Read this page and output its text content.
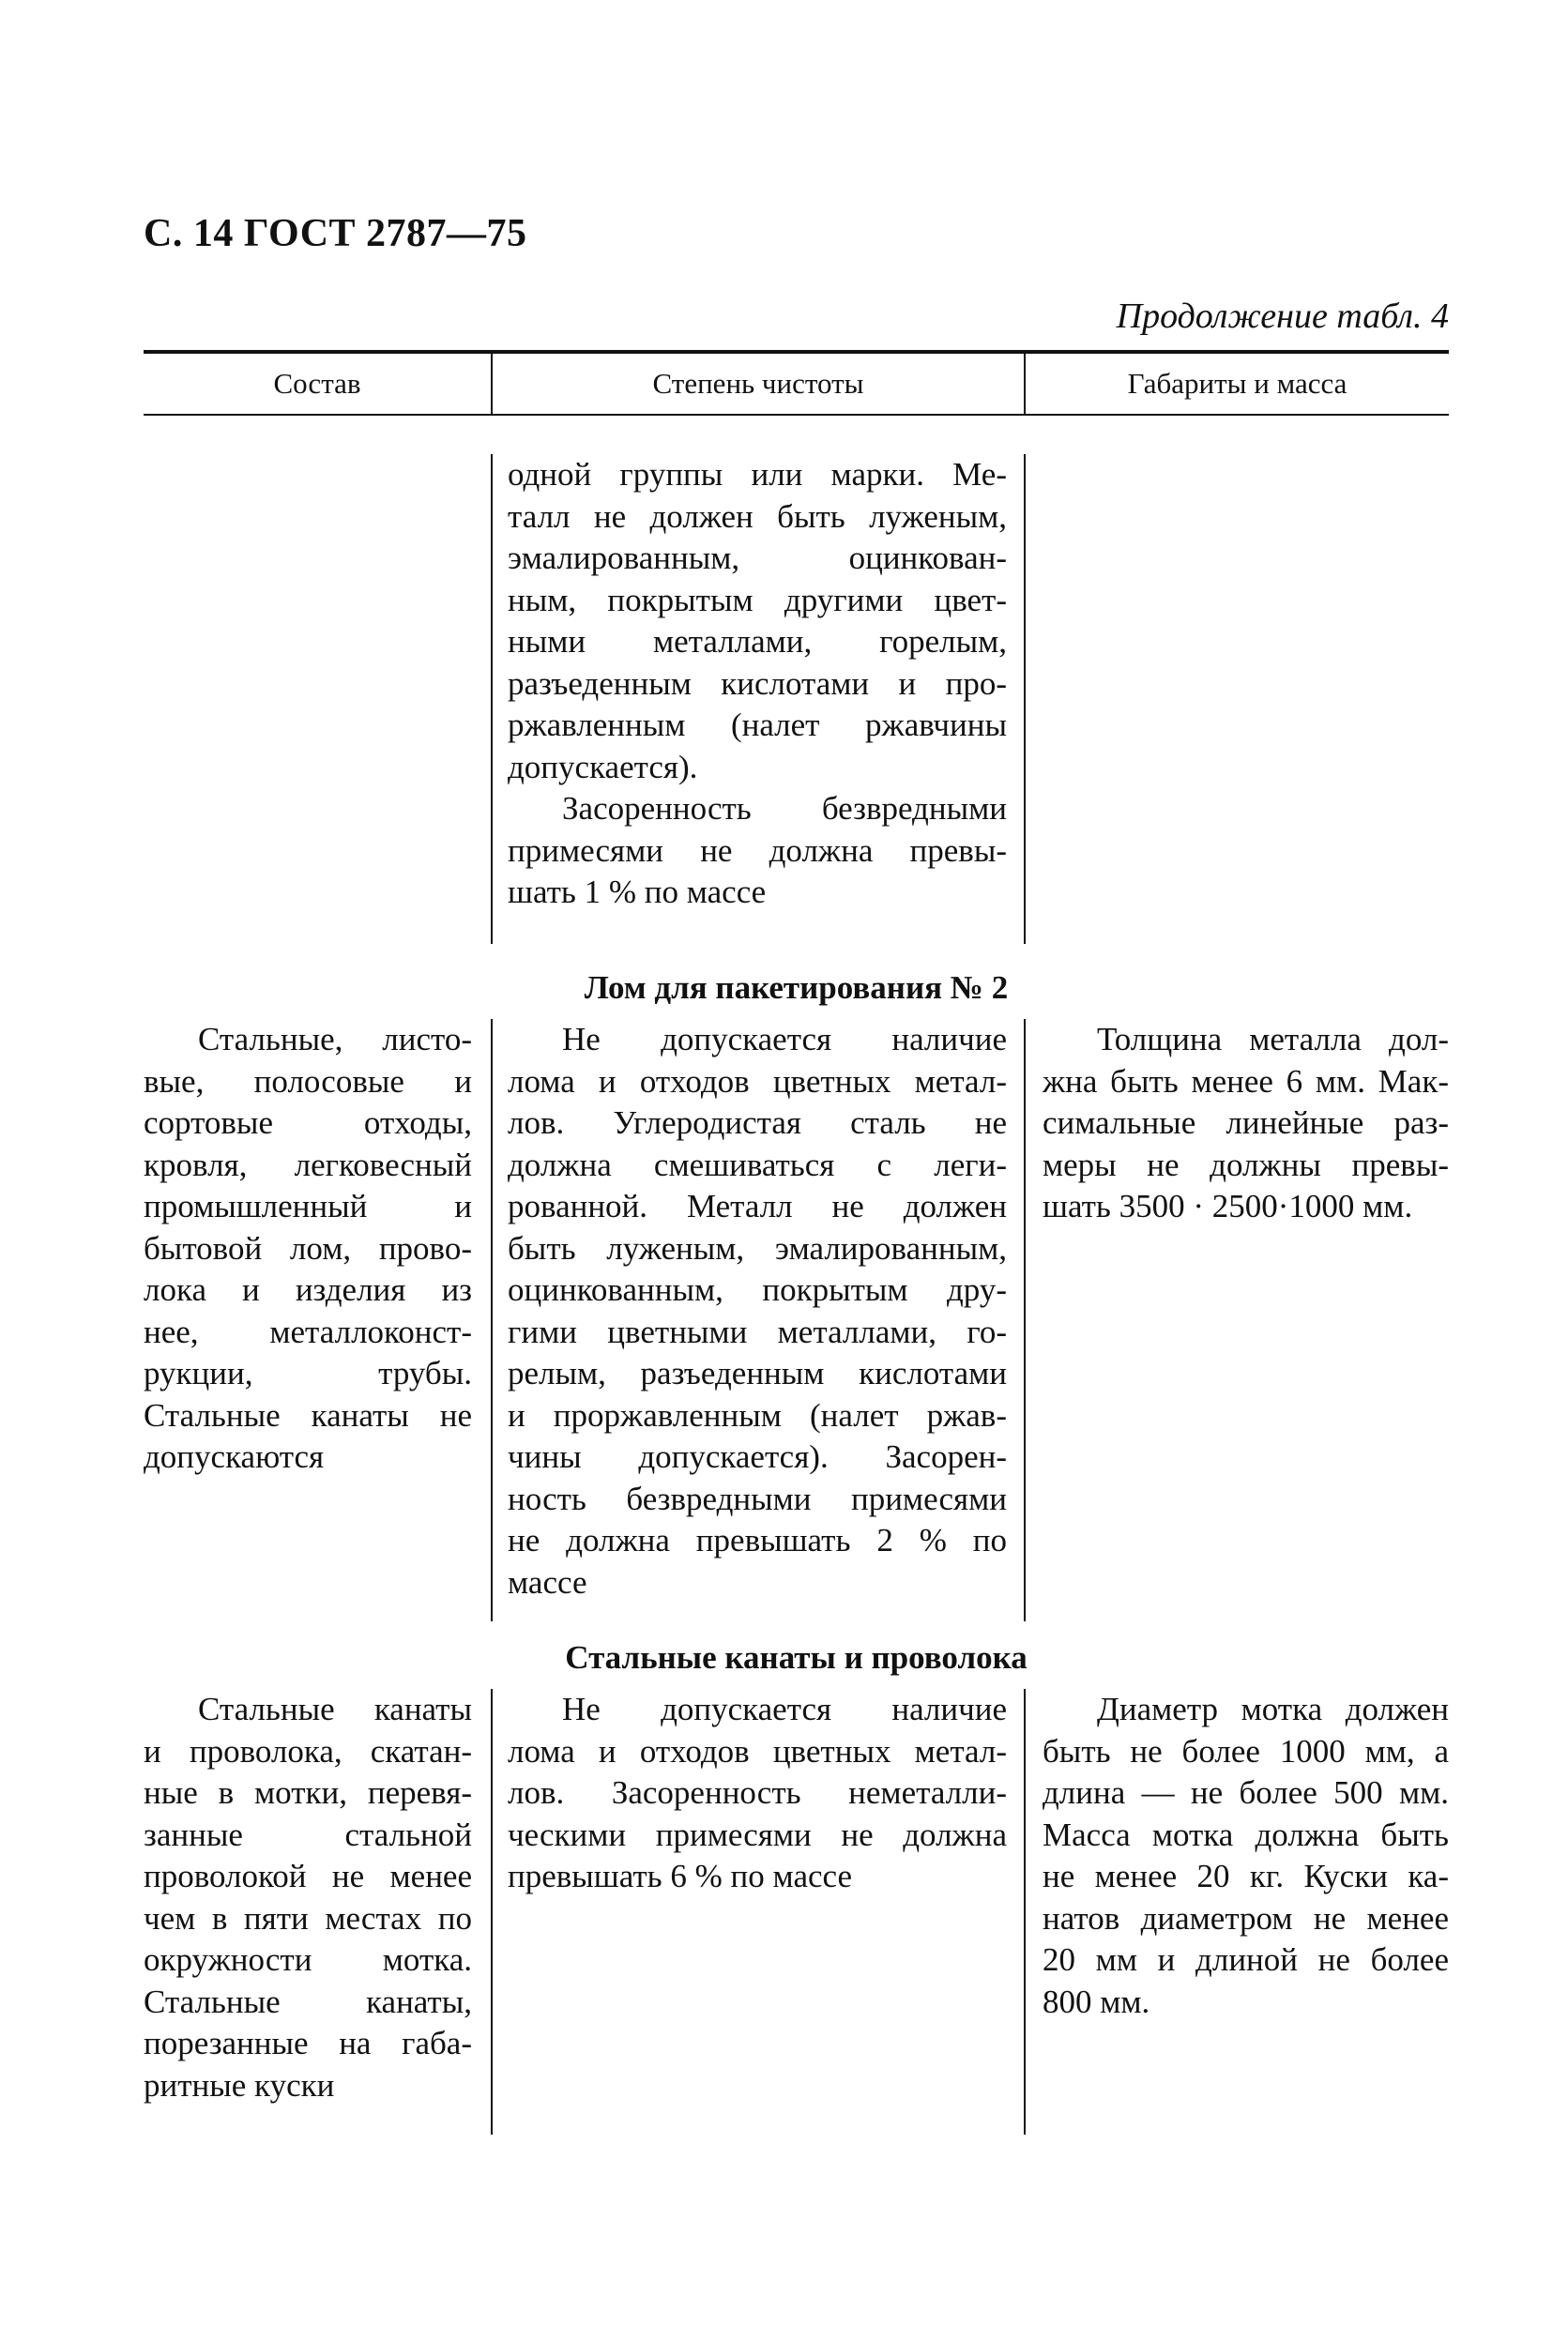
С. 14 ГОСТ 2787—75
Продолжение табл. 4
Состав	Степень чистоты	Габариты и масса
одной группы или марки. Ме-
талл не должен быть луженым,
эмалированным, оцинкован-
ным, покрытым другими цвет-
ными металлами, горелым,
разъеденным кислотами и про-
ржавленным (налет ржавчины
допускается).
Засоренность безвредными
примесями не должна превы-
шать 1 % по массе
Лом для пакетирования № 2
Стальные, листо-
вые, полосовые и
сортовые отходы,
кровля, легковесный
промышленный и
бытовой лом, прово-
лока и изделия из
нее, металлоконст-
рукции, трубы.
Стальные канаты не
допускаются
Не допускается наличие
лома и отходов цветных метал-
лов. Углеродистая сталь не
должна смешиваться с леги-
рованной. Металл не должен
быть луженым, эмалированным,
оцинкованным, покрытым дру-
гими цветными металлами, го-
релым, разъеденным кислотами
и проржавленным (налет ржав-
чины допускается). Засорен-
ность безвредными примесями
не должна превышать 2 % по
массе
Толщина металла дол-
жна быть менее 6 мм. Мак-
симальные линейные раз-
меры не должны превы-
шать 3500 · 2500·1000 мм.
Стальные канаты и проволока
Стальные канаты
и проволока, скатан-
ные в мотки, перевя-
занные стальной
проволокой не менее
чем в пяти местах по
окружности мотка.
Стальные канаты,
порезанные на габа-
ритные куски
Не допускается наличие
лома и отходов цветных метал-
лов. Засоренность неметалли-
ческими примесями не должна
превышать 6 % по массе
Диаметр мотка должен
быть не более 1000 мм, а
длина — не более 500 мм.
Масса мотка должна быть
не менее 20 кг. Куски ка-
натов диаметром не менее
20 мм и длиной не более
800 мм.
